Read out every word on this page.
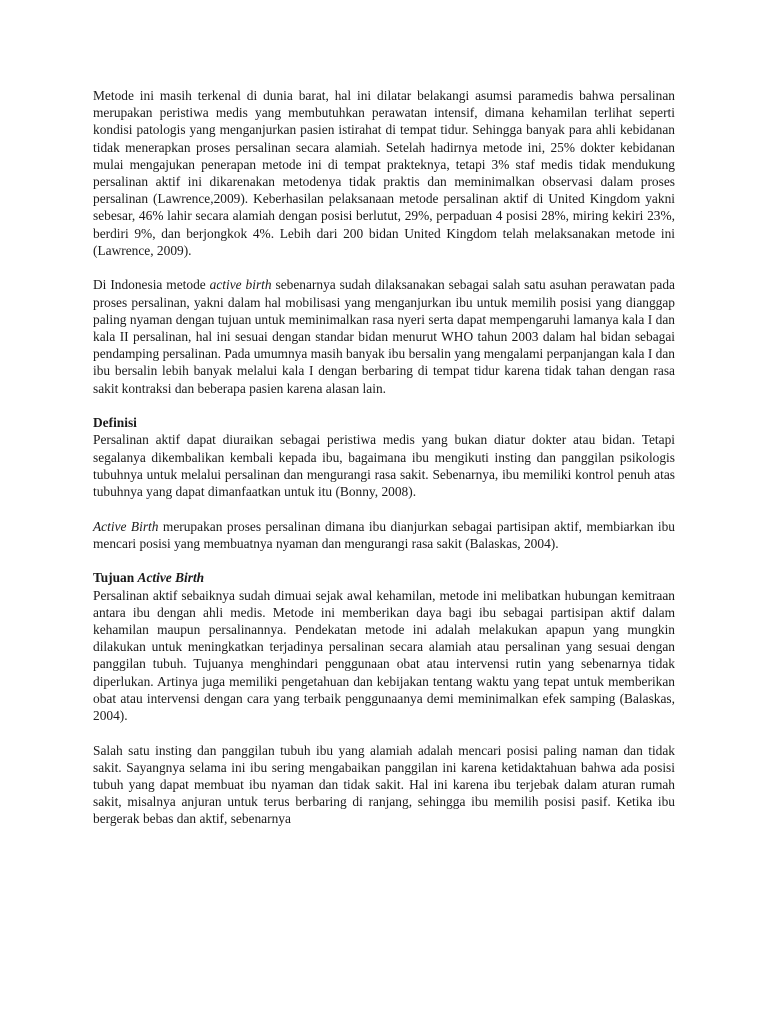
Metode ini masih terkenal di dunia barat, hal ini dilatar belakangi asumsi paramedis bahwa persalinan merupakan peristiwa medis yang membutuhkan perawatan intensif, dimana kehamilan terlihat seperti kondisi patologis yang menganjurkan pasien istirahat di tempat tidur. Sehingga banyak para ahli kebidanan tidak menerapkan proses persalinan secara alamiah. Setelah hadirnya metode ini, 25% dokter kebidanan mulai mengajukan penerapan metode ini di tempat prakteknya, tetapi 3% staf medis tidak mendukung persalinan aktif ini dikarenakan metodenya tidak praktis dan meminimalkan observasi dalam proses persalinan (Lawrence,2009). Keberhasilan pelaksanaan metode persalinan aktif di United Kingdom yakni sebesar, 46% lahir secara alamiah dengan posisi berlutut, 29%, perpaduan 4 posisi 28%, miring kekiri 23%, berdiri 9%, dan berjongkok 4%. Lebih dari 200 bidan United Kingdom telah melaksanakan metode ini (Lawrence, 2009).

Di Indonesia metode active birth sebenarnya sudah dilaksanakan sebagai salah satu asuhan perawatan pada proses persalinan, yakni dalam hal mobilisasi yang menganjurkan ibu untuk memilih posisi yang dianggap paling nyaman dengan tujuan untuk meminimalkan rasa nyeri serta dapat mempengaruhi lamanya kala I dan kala II persalinan, hal ini sesuai dengan standar bidan menurut WHO tahun 2003 dalam hal bidan sebagai pendamping persalinan. Pada umumnya masih banyak ibu bersalin yang mengalami perpanjangan kala I dan ibu bersalin lebih banyak melalui kala I dengan berbaring di tempat tidur karena tidak tahan dengan rasa sakit kontraksi dan beberapa pasien karena alasan lain.

Definisi

Persalinan aktif dapat diuraikan sebagai peristiwa medis yang bukan diatur dokter atau bidan. Tetapi segalanya dikembalikan kembali kepada ibu, bagaimana ibu mengikuti insting dan panggilan psikologis tubuhnya untuk melalui persalinan dan mengurangi rasa sakit. Sebenarnya, ibu memiliki kontrol penuh atas tubuhnya yang dapat dimanfaatkan untuk itu (Bonny, 2008).

Active Birth merupakan proses persalinan dimana ibu dianjurkan sebagai partisipan aktif, membiarkan ibu mencari posisi yang membuatnya nyaman dan mengurangi rasa sakit (Balaskas, 2004).

Tujuan Active Birth

Persalinan aktif sebaiknya sudah dimuai sejak awal kehamilan, metode ini melibatkan hubungan kemitraan antara ibu dengan ahli medis. Metode ini memberikan daya bagi ibu sebagai partisipan aktif dalam kehamilan maupun persalinannya. Pendekatan metode ini adalah melakukan apapun yang mungkin dilakukan untuk meningkatkan terjadinya persalinan secara alamiah atau persalinan yang sesuai dengan panggilan tubuh. Tujuanya menghindari penggunaan obat atau intervensi rutin yang sebenarnya tidak diperlukan. Artinya juga memiliki pengetahuan dan kebijakan tentang waktu yang tepat untuk memberikan obat atau intervensi dengan cara yang terbaik penggunaanya demi meminimalkan efek samping (Balaskas, 2004).

Salah satu insting dan panggilan tubuh ibu yang alamiah adalah mencari posisi paling naman dan tidak sakit. Sayangnya selama ini ibu sering mengabaikan panggilan ini karena ketidaktahuan bahwa ada posisi tubuh yang dapat membuat ibu nyaman dan tidak sakit. Hal ini karena ibu terjebak dalam aturan rumah sakit, misalnya anjuran untuk terus berbaring di ranjang, sehingga ibu memilih posisi pasif. Ketika ibu bergerak bebas dan aktif, sebenarnya
